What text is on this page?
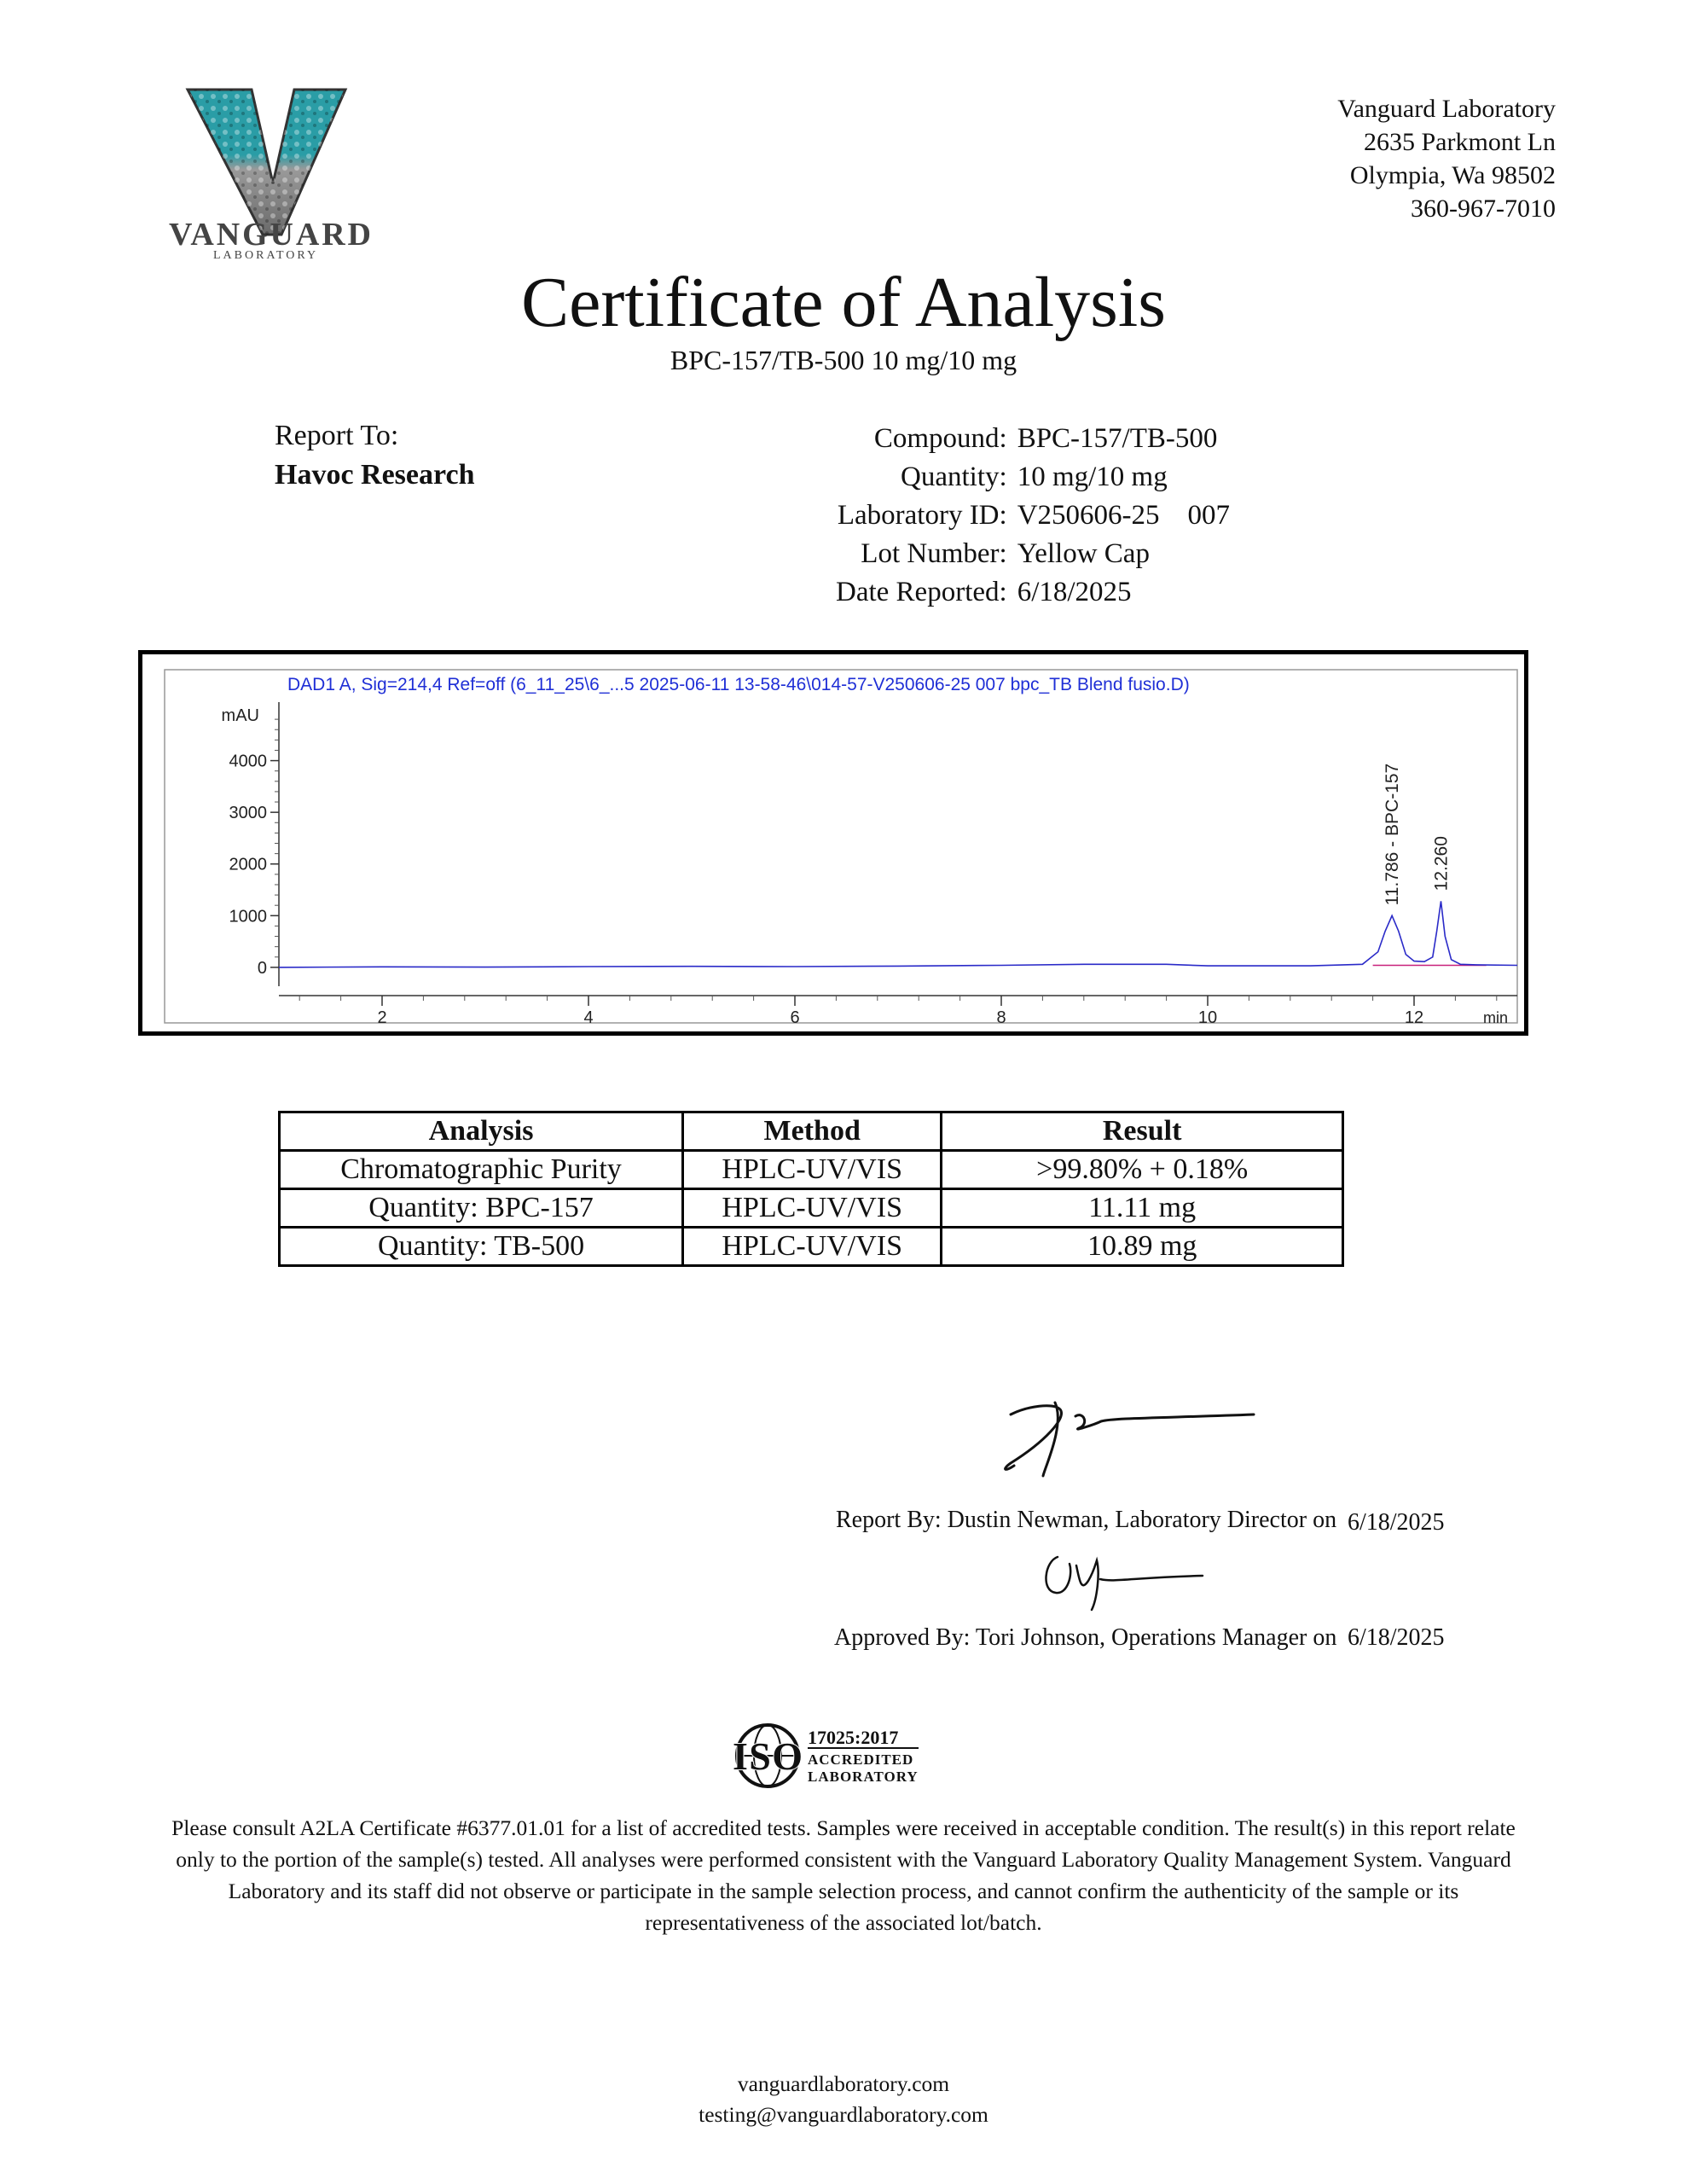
VANGUARD
LABORATORY
Vanguard Laboratory
2635 Parkmont Ln
Olympia, Wa 98502
360-967-7010
Certificate of Analysis
BPC-157/TB-500 10 mg/10 mg
Report To:
Havoc Research
Compound:	BPC-157/TB-500
Quantity:	10 mg/10 mg
Laboratory ID:	V250606-25    007
Lot Number:	Yellow Cap
Date Reported:	6/18/2025
DAD1 A, Sig=214,4 Ref=off (6_11_25\6_...5 2025-06-11 13-58-46\014-57-V250606-25 007 bpc_TB Blend fusio.D)
mAU
0
1000
2000
3000
4000
2	4	6	8	10	12	min
11.786 - BPC-157 12.260
Analysis	Method	Result
Chromatographic Purity	HPLC-UV/VIS	>99.80% + 0.18%
Quantity: BPC-157	HPLC-UV/VIS	11.11 mg
Quantity: TB-500	HPLC-UV/VIS	10.89 mg
Report By: Dustin Newman, Laboratory Director on 6/18/2025
Approved By: Tori Johnson, Operations Manager on 6/18/2025
ISO 17025:2017
ACCREDITED
LABORATORY
Please consult A2LA Certificate #6377.01.01 for a list of accredited tests. Samples were received in acceptable condition. The result(s) in this report relate only to the portion of the sample(s) tested. All analyses were performed consistent with the Vanguard Laboratory Quality Management System. Vanguard Laboratory and its staff did not observe or participate in the sample selection process, and cannot confirm the authenticity of the sample or its representativeness of the associated lot/batch.
vanguardlaboratory.com
testing@vanguardlaboratory.com
